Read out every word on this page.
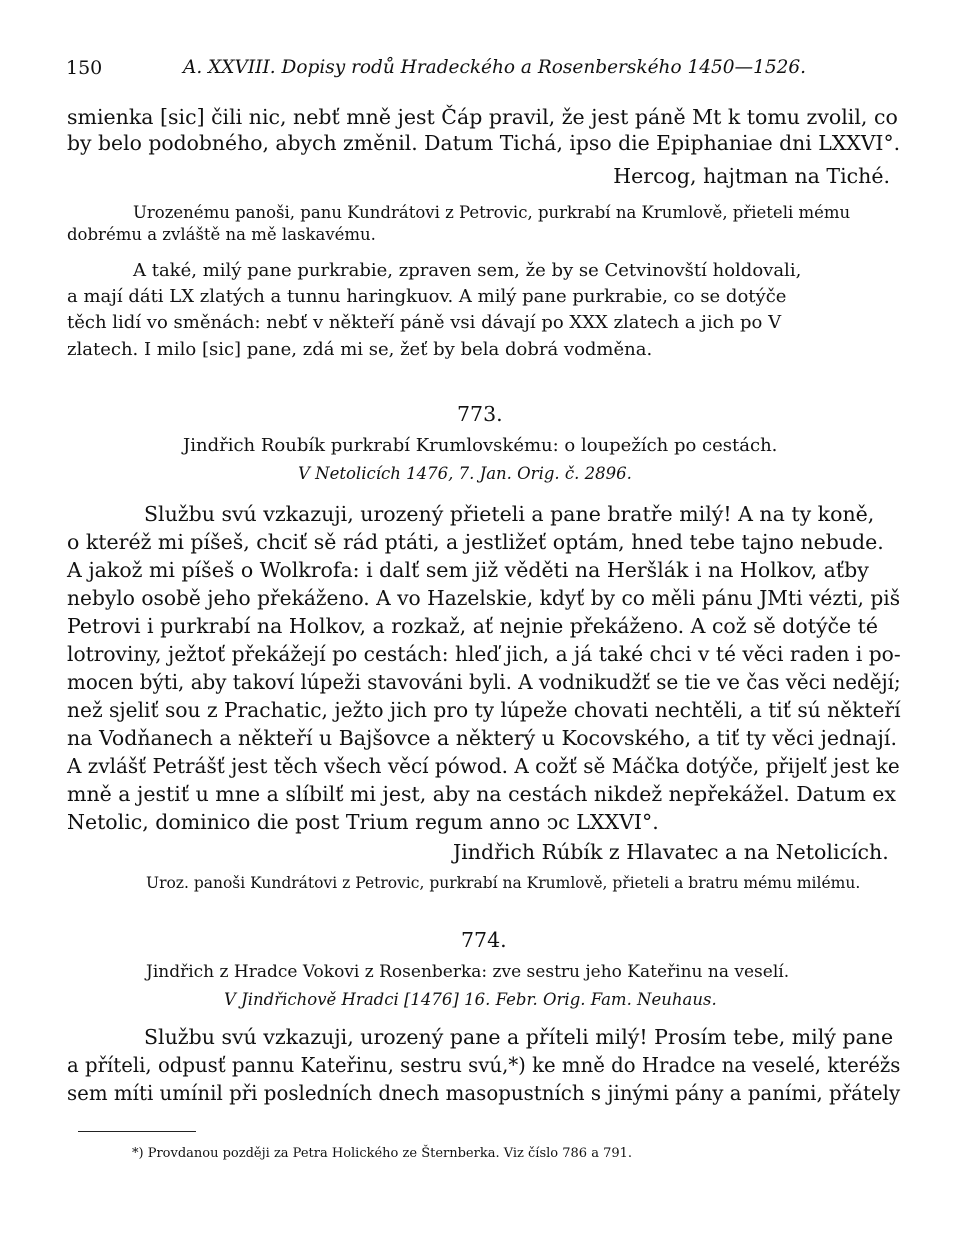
150	A. XXVIII. Dopisy rodů Hradeckého a Rosenberského 1450—1526.
smienka [sic] čili nic, nebť mně jest Čáp pravil, že jest páně Mt k tomu zvolil, co
by belo podobného, abych změnil. Datum Tichá, ipso die Epiphaniae dni LXXVI°.
Hercog, hajtman na Tiché.
Urozenému panoši, panu Kundrátovi z Petrovic, purkrabí na Krumlově, přieteli mému
dobrému a zvláště na mě laskavému.
A také, milý pane purkrabie, zpraven sem, že by se Cetvinovští holdovali,
a mají dáti LX zlatých a tunnu haringkuov. A milý pane purkrabie, co se dotýče
těch lidí vo směnách: nebť v někteří páně vsi dávají po XXX zlatech a jich po V
zlatech. I milo [sic] pane, zdá mi se, žeť by bela dobrá vodměna.
773.
Jindřich Roubík purkrabí Krumlovskému: o loupežích po cestách.
V Netolicích 1476, 7. Jan. Orig. č. 2896.
Službu svú vzkazuji, urozený přieteli a pane bratře milý! A na ty koně,
o kteréž mi píšeš, chciť sě rád ptáti, a jestližeť optám, hned tebe tajno nebude.
A jakož mi píšeš o Wolkrofa: i dalť sem již věděti na Heršlák i na Holkov, aťby
nebylo osobě jeho překáženo. A vo Hazelskie, kdyť by co měli pánu JMti vézti, piš
Petrovi i purkrabí na Holkov, a rozkaž, ať nejnie překáženo. A což sě dotýče té
lotroviny, ježtoť překážejí po cestách: hleď jich, a já také chci v té věci raden i po-
mocen býti, aby takoví lúpeži stavováni byli. A vodnikudžť se tie ve čas věci nedějí;
než sjeliť sou z Prachatic, ježto jich pro ty lúpeže chovati nechtěli, a tiť sú někteří
na Vodňanech a někteří u Bajšovce a některý u Kocovského, a tiť ty věci jednají.
A zvlášť Petrášť jest těch všech věcí pówod. A cožť sě Máčka dotýče, přijelť jest ke
mně a jestiť u mne a slíbilť mi jest, aby na cestách nikdež nepřekážel. Datum ex
Netolic, dominico die post Trium regum anno ↄc LXXVI°.
Jindřich Rúbík z Hlavatec a na Netolicích.
Uroz. panoši Kundrátovi z Petrovic, purkrabí na Krumlově, přieteli a bratru mému milému.
774.
Jindřich z Hradce Vokovi z Rosenberka: zve sestru jeho Kateřinu na veselí.
V Jindřichově Hradci [1476] 16. Febr. Orig. Fam. Neuhaus.
Službu svú vzkazuji, urozený pane a příteli milý! Prosím tebe, milý pane
a příteli, odpusť pannu Kateřinu, sestru svú,*) ke mně do Hradce na veselé, kteréžs
sem míti umínil při posledních dnech masopustních s jinými pány a paními, přátely
*) Provdanou později za Petra Holického ze Šternberka. Viz číslo 786 a 791.
